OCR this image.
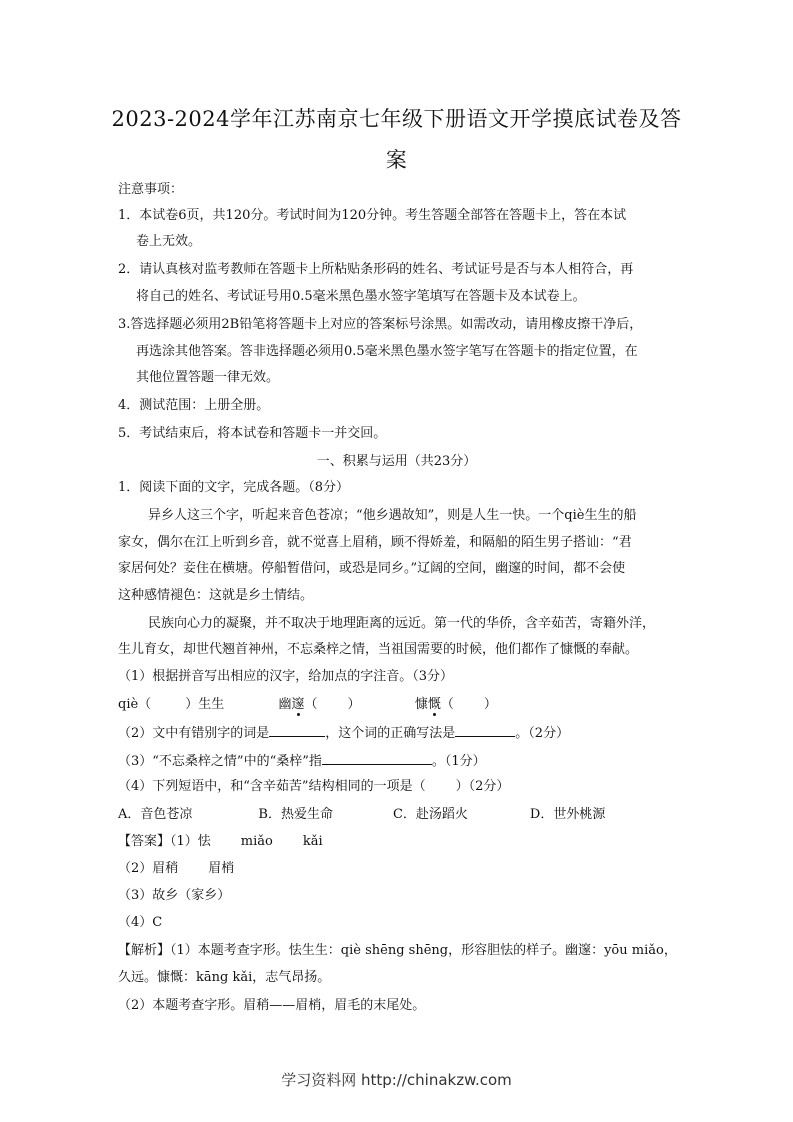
2023-2024学年江苏南京七年级下册语文开学摸底试卷及答
案
注意事项：
1．本试卷6页，共120分。考试时间为120分钟。考生答题全部答在答题卡上，答在本试
卷上无效。
2．请认真核对监考教师在答题卡上所粘贴条形码的姓名、考试证号是否与本人相符合，再
将自己的姓名、考试证号用0.5毫米黑色墨水签字笔填写在答题卡及本试卷上。
3.答选择题必须用2B铅笔将答题卡上对应的答案标号涂黑。如需改动，请用橡皮擦干净后，
再选涂其他答案。答非选择题必须用0.5毫米黑色墨水签字笔写在答题卡的指定位置，在
其他位置答题一律无效。
4．测试范围：上册全册。
5．考试结束后，将本试卷和答题卡一并交回。
一、积累与运用（共23分）
1．阅读下面的文字，完成各题。（8分）
异乡人这三个字，听起来音色苍凉；“他乡遇故知”，则是人生一快。一个qiè生生的船
家女，偶尔在江上听到乡音，就不觉喜上眉稍，顾不得娇羞，和隔船的陌生男子搭讪：“君
家居何处？妾住在横塘。停船暂借问，或恐是同乡。”辽阔的空间，幽邃的时间，都不会使
这种感情褪色：这就是乡土情结。
民族向心力的凝聚，并不取决于地理距离的远近。第一代的华侨，含辛茹苦，寄籍外洋，
生儿育女，却世代翘首神州，不忘桑梓之情，当祖国需要的时候，他们都作了慷慨的奉献。
（1）根据拼音写出相应的汉字，给加点的字注音。（3分）
qiè（	）生生	幽邃（ ）	慷慨（ ）
（2）文中有错别字的词是	，这个词的正确写法是	。（2分）
（3）“不忘桑梓之情”中的“桑梓”指	。（1分）
（4）下列短语中，和“含辛茹苦”结构相同的一项是（ ）（2分）
A．音色苍凉	B．热爱生命	C．赴汤蹈火	D．世外桃源
【答案】（1）怯 miǎo kǎi
（2）眉稍 眉梢
（3）故乡（家乡）
（4）C
【解析】（1）本题考查字形。怯生生：qiè shēng shēng，形容胆怯的样子。幽邃：yōu miǎo，
久远。慷慨：kāng kǎi，志气昂扬。
（2）本题考查字形。眉稍——眉梢，眉毛的末尾处。
学习资料网 http://chinakzw.com
